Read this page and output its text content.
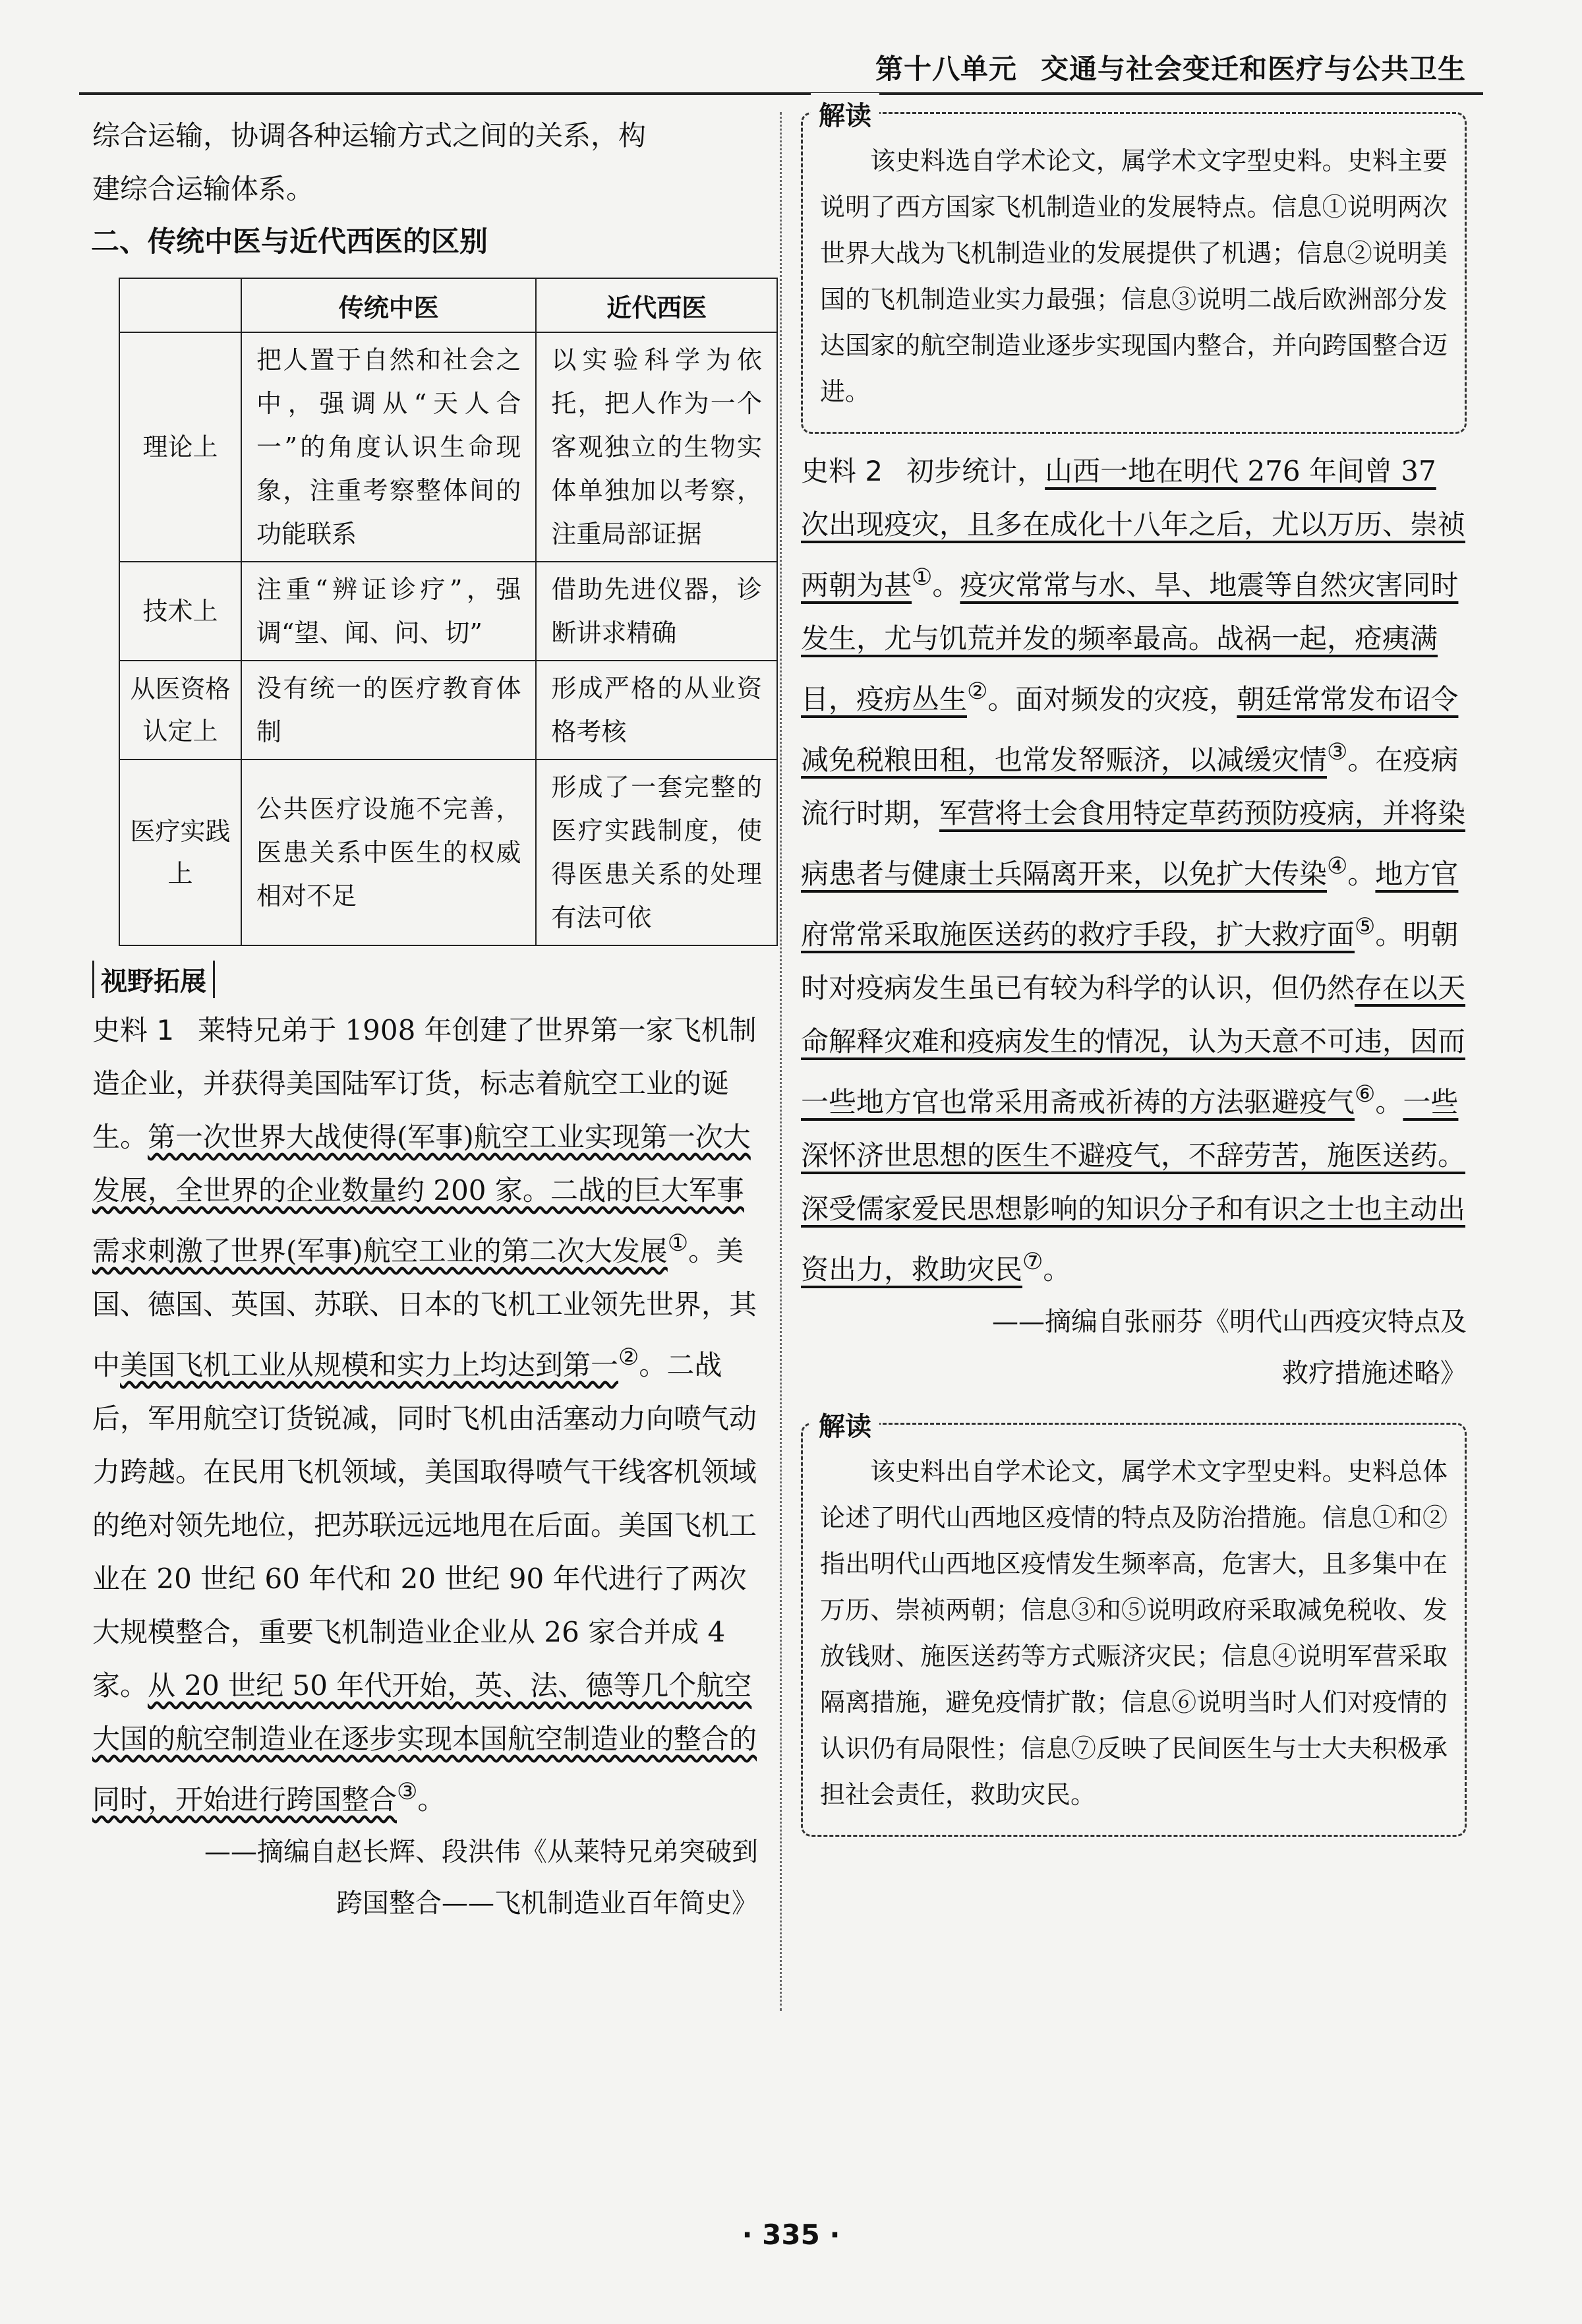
第十八单元 交通与社会变迁和医疗与公共卫生
综合运输，协调各种运输方式之间的关系，构
建综合运输体系。
二、传统中医与近代西医的区别
	传统中医	近代西医
理论上	把人置于自然和社会之中，强调从“天人合一”的角度认识生命现象，注重考察整体间的功能联系	以实验科学为依托，把人作为一个客观独立的生物实体单独加以考察，注重局部证据
技术上	注重“辨证诊疗”，强调“望、闻、问、切”	借助先进仪器，诊断讲求精确
从医资格认定上	没有统一的医疗教育体制	形成严格的从业资格考核
医疗实践上	公共医疗设施不完善，医患关系中医生的权威相对不足	形成了一套完整的医疗实践制度，使得医患关系的处理有法可依
视野拓展
史料 1 莱特兄弟于 1908 年创建了世界第一家飞机制造企业，并获得美国陆军订货，标志着航空工业的诞生。第一次世界大战使得(军事)航空工业实现第一次大发展，全世界的企业数量约 200 家。二战的巨大军事需求刺激了世界(军事)航空工业的第二次大发展①。美国、德国、英国、苏联、日本的飞机工业领先世界，其中美国飞机工业从规模和实力上均达到第一②。二战后，军用航空订货锐减，同时飞机由活塞动力向喷气动力跨越。在民用飞机领域，美国取得喷气干线客机领域的绝对领先地位，把苏联远远地甩在后面。美国飞机工业在 20 世纪 60 年代和 20 世纪 90 年代进行了两次大规模整合，重要飞机制造业企业从 26 家合并成 4 家。从 20 世纪 50 年代开始，英、法、德等几个航空大国的航空制造业在逐步实现本国航空制造业的整合的同时，开始进行跨国整合③。
——摘编自赵长辉、段洪伟《从莱特兄弟突破到
跨国整合——飞机制造业百年简史》
解读
该史料选自学术论文，属学术文字型史料。史料主要说明了西方国家飞机制造业的发展特点。信息①说明两次世界大战为飞机制造业的发展提供了机遇；信息②说明美国的飞机制造业实力最强；信息③说明二战后欧洲部分发达国家的航空制造业逐步实现国内整合，并向跨国整合迈进。
史料 2 初步统计，山西一地在明代 276 年间曾 37 次出现疫灾，且多在成化十八年之后，尤以万历、崇祯两朝为甚①。疫灾常常与水、旱、地震等自然灾害同时发生，尤与饥荒并发的频率最高。战祸一起，疮痍满目，疫疠丛生②。面对频发的灾疫，朝廷常常发布诏令减免税粮田租，也常发帑赈济，以减缓灾情③。在疫病流行时期，军营将士会食用特定草药预防疫病，并将染病患者与健康士兵隔离开来，以免扩大传染④。地方官府常常采取施医送药的救疗手段，扩大救疗面⑤。明朝时对疫病发生虽已有较为科学的认识，但仍然存在以天命解释灾难和疫病发生的情况，认为天意不可违，因而一些地方官也常采用斋戒祈祷的方法驱避疫气⑥。一些深怀济世思想的医生不避疫气，不辞劳苦，施医送药。深受儒家爱民思想影响的知识分子和有识之士也主动出资出力，救助灾民⑦。
——摘编自张丽芬《明代山西疫灾特点及
救疗措施述略》
解读
该史料出自学术论文，属学术文字型史料。史料总体论述了明代山西地区疫情的特点及防治措施。信息①和②指出明代山西地区疫情发生频率高，危害大，且多集中在万历、崇祯两朝；信息③和⑤说明政府采取减免税收、发放钱财、施医送药等方式赈济灾民；信息④说明军营采取隔离措施，避免疫情扩散；信息⑥说明当时人们对疫情的认识仍有局限性；信息⑦反映了民间医生与士大夫积极承担社会责任，救助灾民。
· 335 ·
